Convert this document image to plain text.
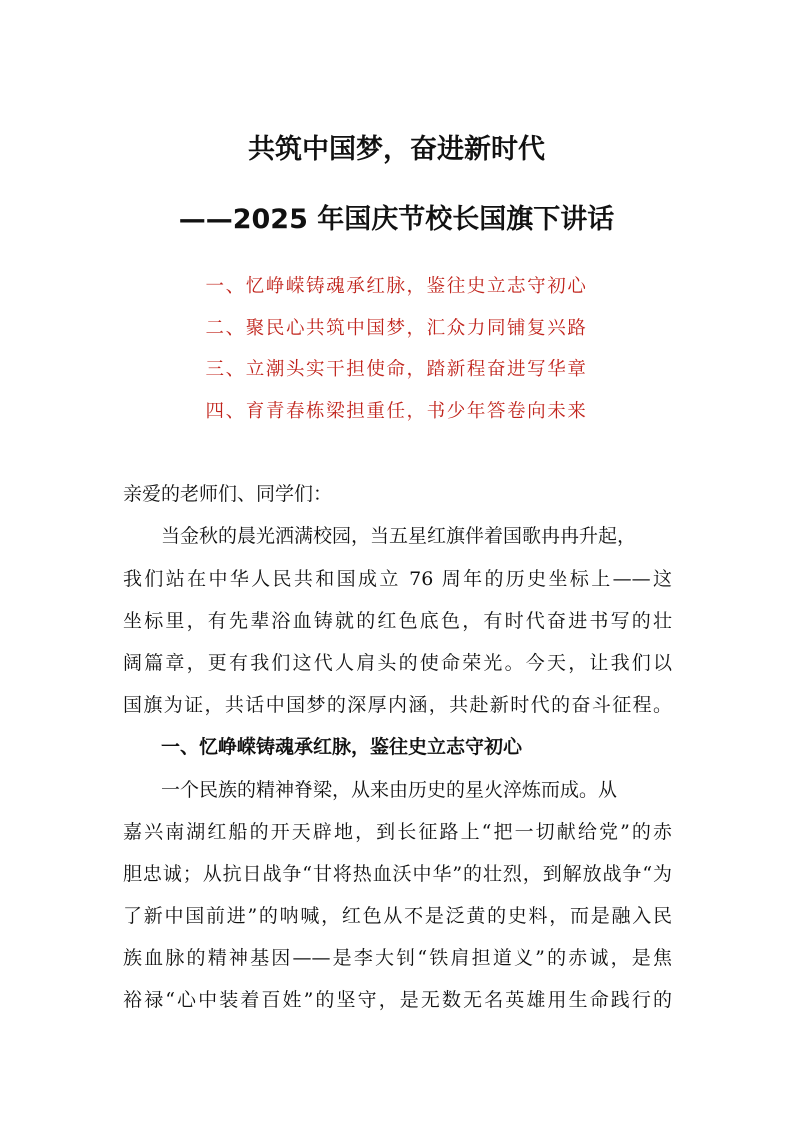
共筑中国梦，奋进新时代
——2025 年国庆节校长国旗下讲话
一、忆峥嵘铸魂承红脉，鉴往史立志守初心
二、聚民心共筑中国梦，汇众力同铺复兴路
三、立潮头实干担使命，踏新程奋进写华章
四、育青春栋梁担重任，书少年答卷向未来
亲爱的老师们、同学们：
当金秋的晨光洒满校园，当五星红旗伴着国歌冉冉升起，
我们站在中华人民共和国成立 76 周年的历史坐标上——这
坐标里，有先辈浴血铸就的红色底色，有时代奋进书写的壮
阔篇章，更有我们这代人肩头的使命荣光。今天，让我们以
国旗为证，共话中国梦的深厚内涵，共赴新时代的奋斗征程。
一、忆峥嵘铸魂承红脉，鉴往史立志守初心
一个民族的精神脊梁，从来由历史的星火淬炼而成。从
嘉兴南湖红船的开天辟地，到长征路上“把一切献给党”的赤
胆忠诚；从抗日战争“甘将热血沃中华”的壮烈，到解放战争“为
了新中国前进”的呐喊，红色从不是泛黄的史料，而是融入民
族血脉的精神基因——是李大钊“铁肩担道义”的赤诚，是焦
裕禄“心中装着百姓”的坚守，是无数无名英雄用生命践行的
